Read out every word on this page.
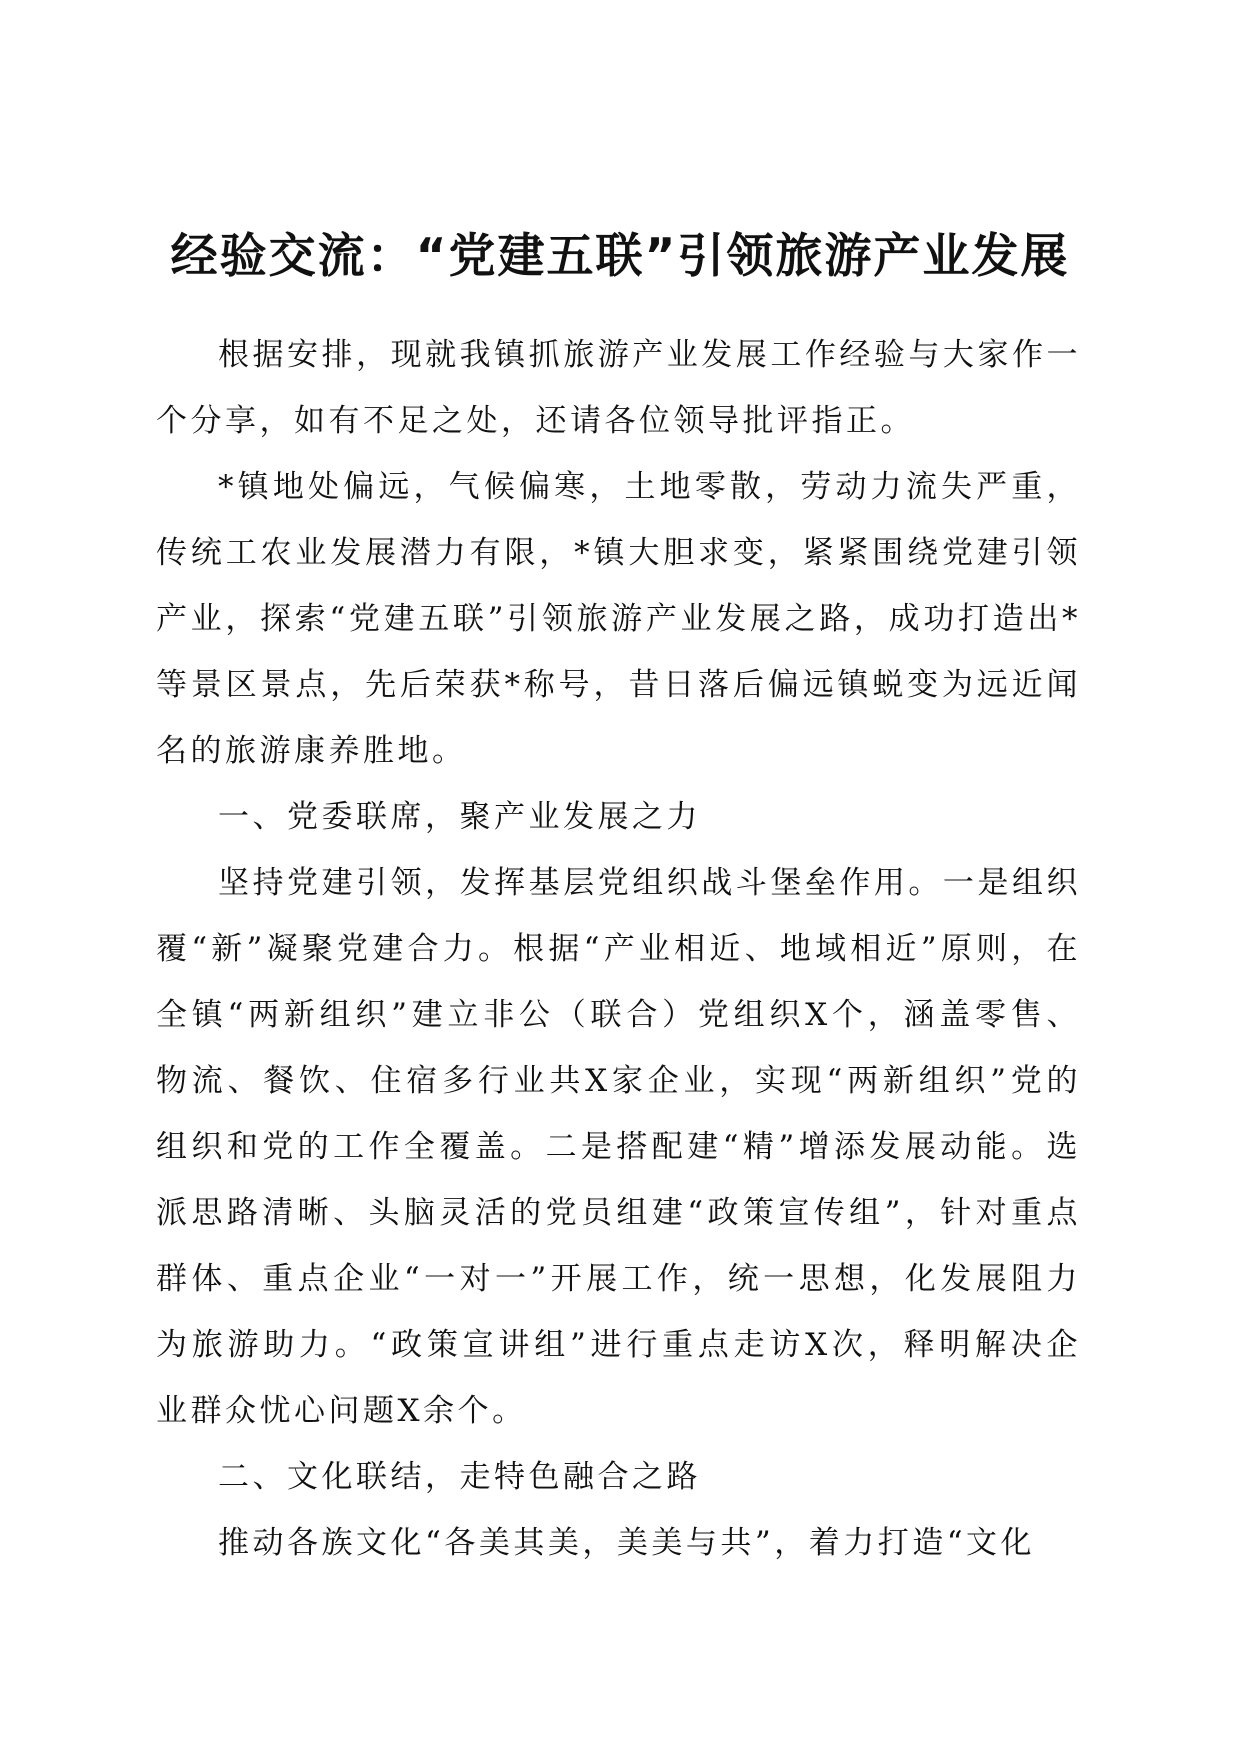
经验交流：“党建五联”引领旅游产业发展

根据安排，现就我镇抓旅游产业发展工作经验与大家作一个分享，如有不足之处，还请各位领导批评指正。

*镇地处偏远，气候偏寒，土地零散，劳动力流失严重，传统工农业发展潜力有限，*镇大胆求变，紧紧围绕党建引领产业，探索“党建五联”引领旅游产业发展之路，成功打造出*等景区景点，先后荣获*称号，昔日落后偏远镇蜕变为远近闻名的旅游康养胜地。

一、党委联席，聚产业发展之力

坚持党建引领，发挥基层党组织战斗堡垒作用。一是组织覆“新”凝聚党建合力。根据“产业相近、地域相近”原则，在全镇“两新组织”建立非公（联合）党组织X个，涵盖零售、物流、餐饮、住宿多行业共X家企业，实现“两新组织”党的组织和党的工作全覆盖。二是搭配建“精”增添发展动能。选派思路清晰、头脑灵活的党员组建“政策宣传组”，针对重点群体、重点企业“一对一”开展工作，统一思想，化发展阻力为旅游助力。“政策宣讲组”进行重点走访X次，释明解决企业群众忧心问题X余个。

二、文化联结，走特色融合之路

推动各族文化“各美其美，美美与共”，着力打造“文化
